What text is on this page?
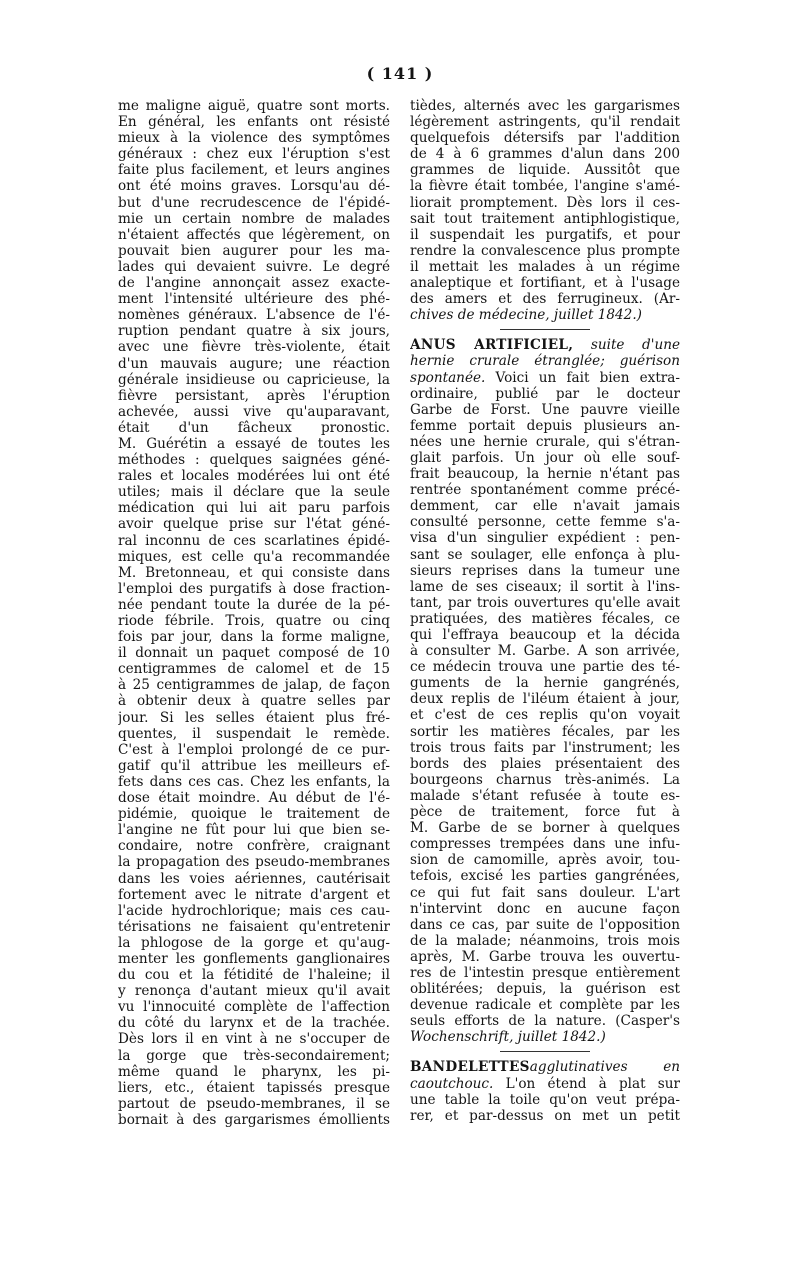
( 141 )
me maligne aiguë, quatre sont morts.
En général, les enfants ont résisté
mieux à la violence des symptômes
généraux : chez eux l'éruption s'est
faite plus facilement, et leurs angines
ont été moins graves. Lorsqu'au dé-
but d'une recrudescence de l'épidé-
mie un certain nombre de malades
n'étaient affectés que légèrement, on
pouvait bien augurer pour les ma-
lades qui devaient suivre. Le degré
de l'angine annonçait assez exacte-
ment l'intensité ultérieure des phé-
nomènes généraux. L'absence de l'é-
ruption pendant quatre à six jours,
avec une fièvre très-violente, était
d'un mauvais augure; une réaction
générale insidieuse ou capricieuse, la
fièvre persistant, après l'éruption
achevée, aussi vive qu'auparavant,
était d'un fâcheux pronostic.
M. Guérétin a essayé de toutes les
méthodes : quelques saignées géné-
rales et locales modérées lui ont été
utiles; mais il déclare que la seule
médication qui lui ait paru parfois
avoir quelque prise sur l'état géné-
ral inconnu de ces scarlatines épidé-
miques, est celle qu'a recommandée
M. Bretonneau, et qui consiste dans
l'emploi des purgatifs à dose fraction-
née pendant toute la durée de la pé-
riode fébrile. Trois, quatre ou cinq
fois par jour, dans la forme maligne,
il donnait un paquet composé de 10
centigrammes de calomel et de 15
à 25 centigrammes de jalap, de façon
à obtenir deux à quatre selles par
jour. Si les selles étaient plus fré-
quentes, il suspendait le remède.
C'est à l'emploi prolongé de ce pur-
gatif qu'il attribue les meilleurs ef-
fets dans ces cas. Chez les enfants, la
dose était moindre. Au début de l'é-
pidémie, quoique le traitement de
l'angine ne fût pour lui que bien se-
condaire, notre confrère, craignant
la propagation des pseudo-membranes
dans les voies aériennes, cautérisait
fortement avec le nitrate d'argent et
l'acide hydrochlorique; mais ces cau-
térisations ne faisaient qu'entretenir
la phlogose de la gorge et qu'aug-
menter les gonflements ganglionaires
du cou et la fétidité de l'haleine; il
y renonça d'autant mieux qu'il avait
vu l'innocuité complète de l'affection
du côté du larynx et de la trachée.
Dès lors il en vint à ne s'occuper de
la gorge que très-secondairement;
même quand le pharynx, les pi-
liers, etc., étaient tapissés presque
partout de pseudo-membranes, il se
bornait à des gargarismes émollients
tièdes, alternés avec les gargarismes
légèrement astringents, qu'il rendait
quelquefois détersifs par l'addition
de 4 à 6 grammes d'alun dans 200
grammes de liquide. Aussitôt que
la fièvre était tombée, l'angine s'amé-
liorait promptement. Dès lors il ces-
sait tout traitement antiphlogistique,
il suspendait les purgatifs, et pour
rendre la convalescence plus prompte
il mettait les malades à un régime
analeptique et fortifiant, et à l'usage
des amers et des ferrugineux. (Ar-
chives de médecine, juillet 1842.)
ANUS ARTIFICIEL, suite d'une
hernie crurale étranglée; guérison
spontanée. Voici un fait bien extra-
ordinaire, publié par le docteur
Garbe de Forst. Une pauvre vieille
femme portait depuis plusieurs an-
nées une hernie crurale, qui s'étran-
glait parfois. Un jour où elle souf-
frait beaucoup, la hernie n'étant pas
rentrée spontanément comme précé-
demment, car elle n'avait jamais
consulté personne, cette femme s'a-
visa d'un singulier expédient : pen-
sant se soulager, elle enfonça à plu-
sieurs reprises dans la tumeur une
lame de ses ciseaux; il sortit à l'ins-
tant, par trois ouvertures qu'elle avait
pratiquées, des matières fécales, ce
qui l'effraya beaucoup et la décida
à consulter M. Garbe. A son arrivée,
ce médecin trouva une partie des té-
guments de la hernie gangrénés,
deux replis de l'iléum étaient à jour,
et c'est de ces replis qu'on voyait
sortir les matières fécales, par les
trois trous faits par l'instrument; les
bords des plaies présentaient des
bourgeons charnus très-animés. La
malade s'étant refusée à toute es-
pèce de traitement, force fut à
M. Garbe de se borner à quelques
compresses trempées dans une infu-
sion de camomille, après avoir, tou-
tefois, excisé les parties gangrénées,
ce qui fut fait sans douleur. L'art
n'intervint donc en aucune façon
dans ce cas, par suite de l'opposition
de la malade; néanmoins, trois mois
après, M. Garbe trouva les ouvertu-
res de l'intestin presque entièrement
oblitérées; depuis, la guérison est
devenue radicale et complète par les
seuls efforts de la nature. (Casper's
Wochenschrift, juillet 1842.)
BANDELETTESagglutinatives en
caoutchouc. L'on étend à plat sur
une table la toile qu'on veut prépa-
rer, et par-dessus on met un petit
